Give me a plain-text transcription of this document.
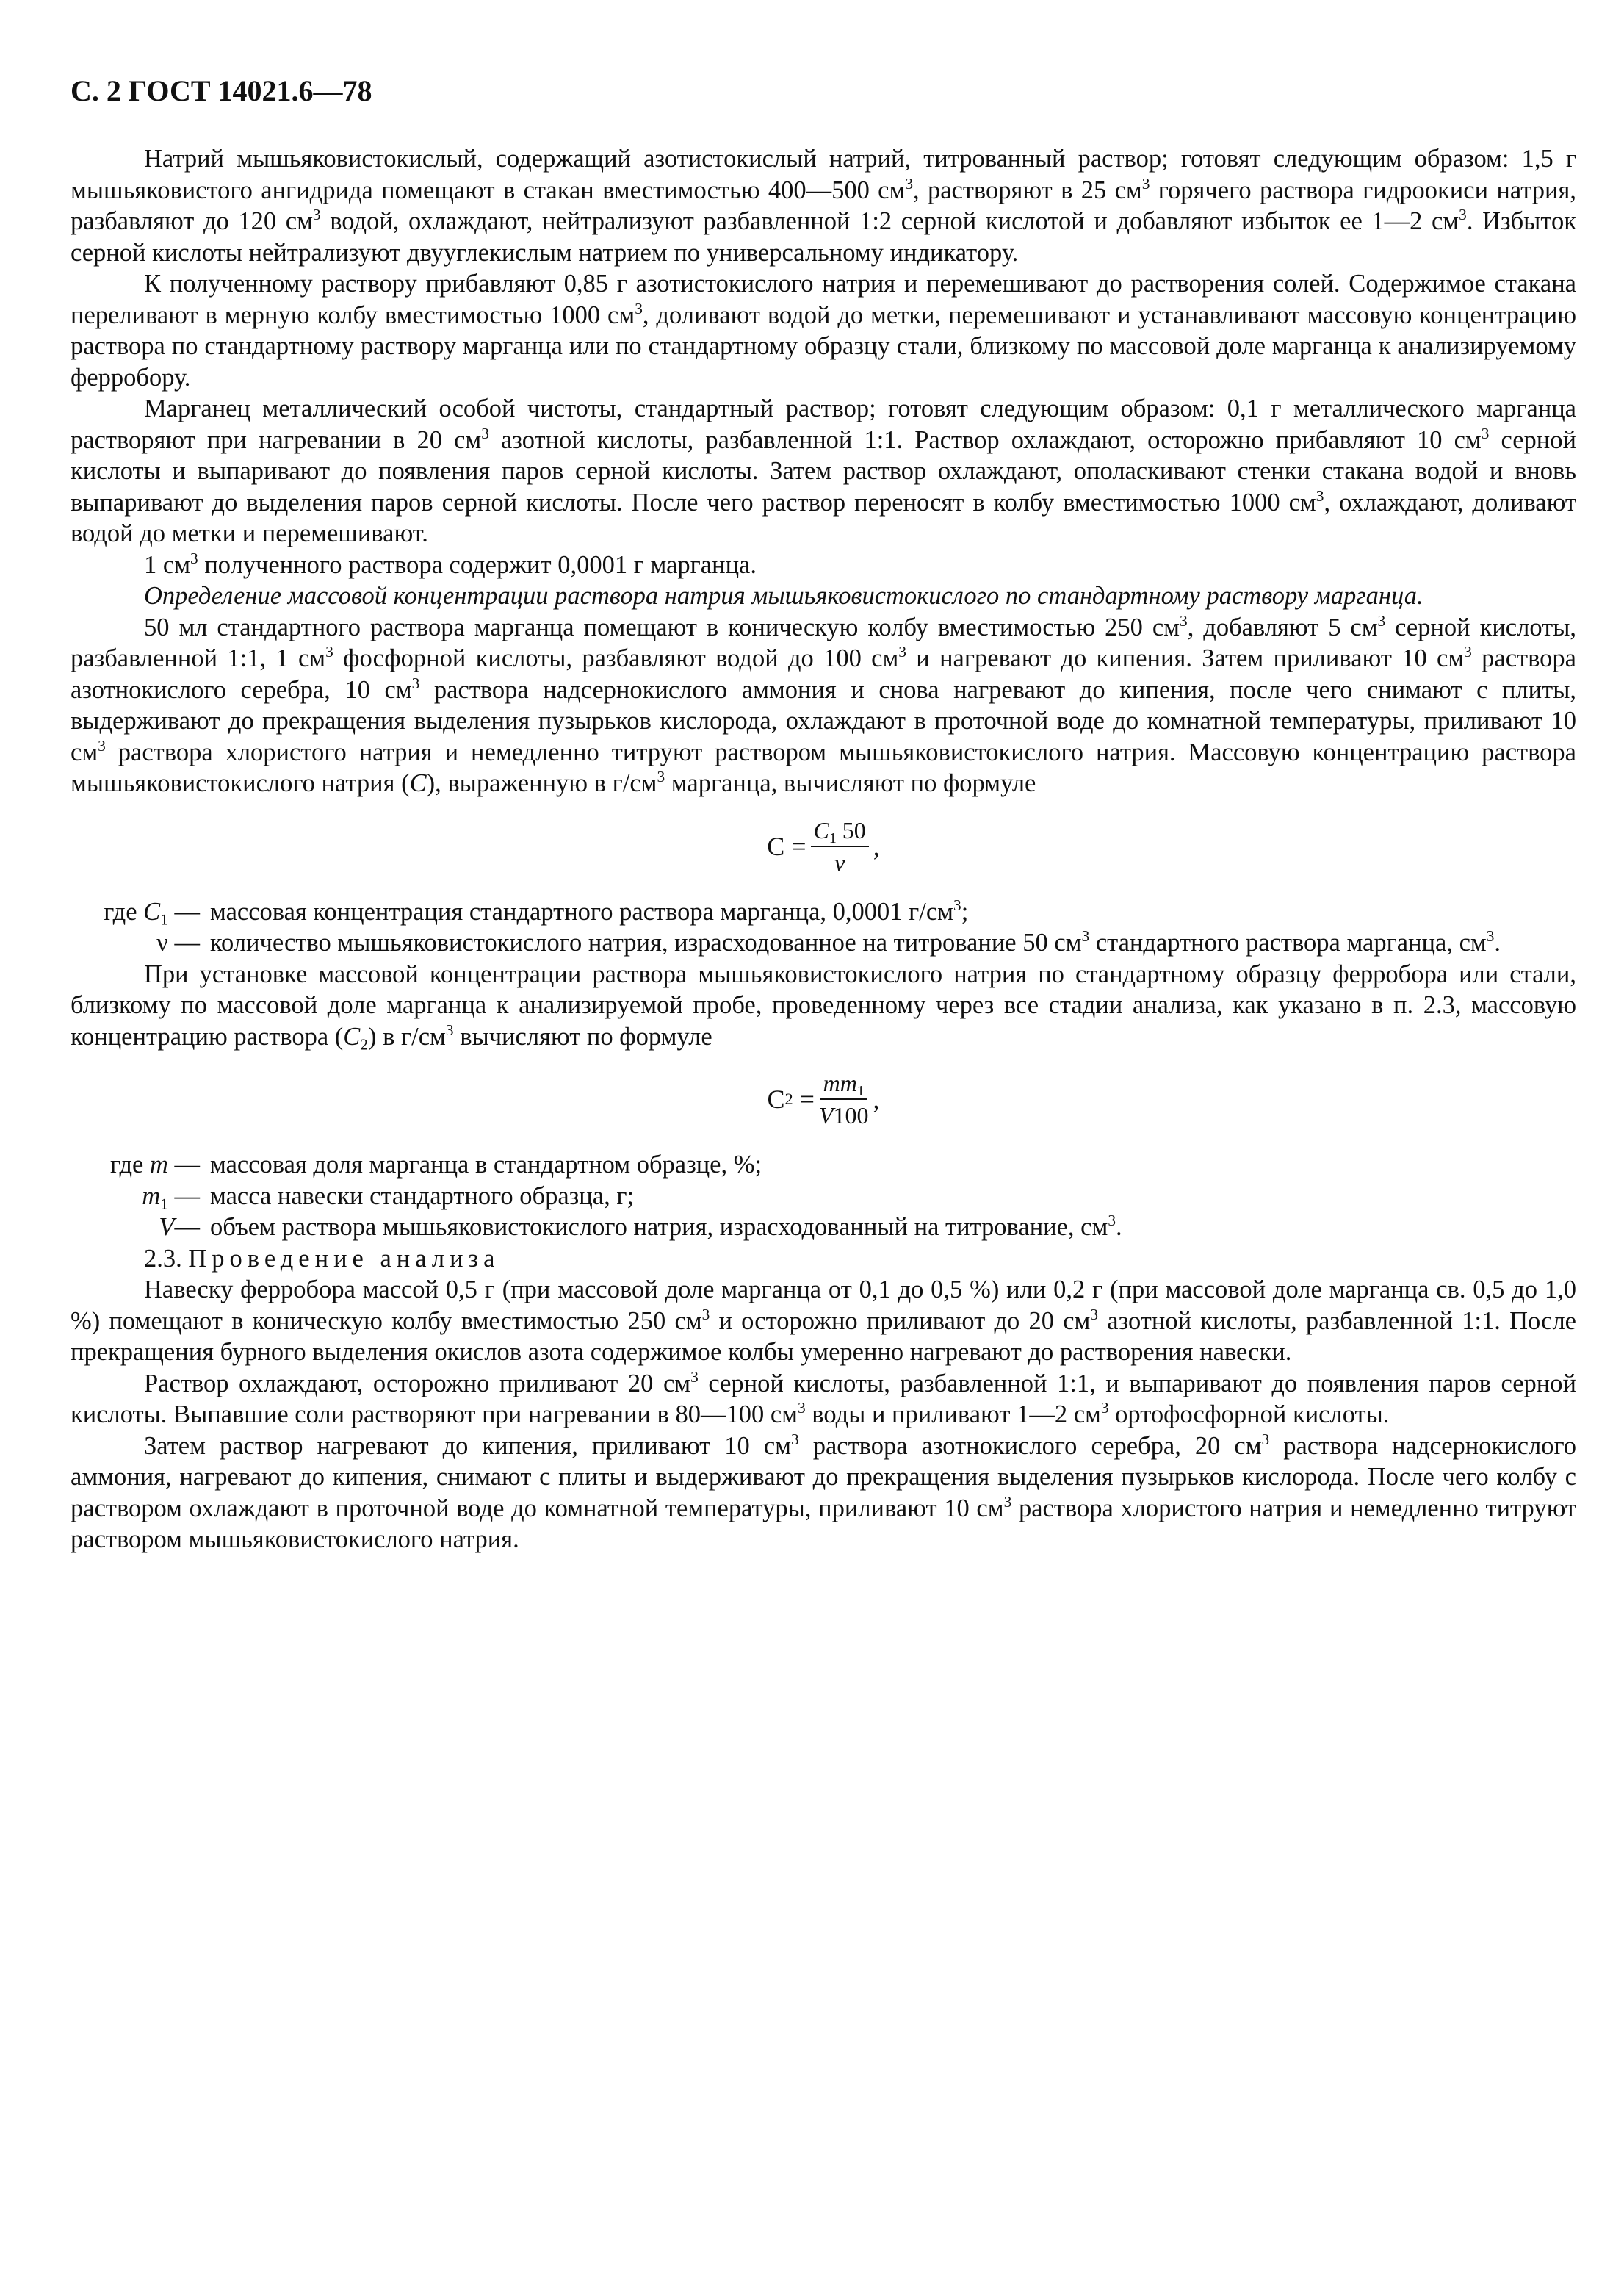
С. 2 ГОСТ 14021.6—78

Натрий мышьяковистокислый, содержащий азотистокислый натрий, титрованный раствор; готовят следующим образом: 1,5 г мышьяковистого ангидрида помещают в стакан вместимостью 400—500 $см^3$, растворяют в 25 $см^3$ горячего раствора гидроокиси натрия, разбавляют до 120 $см^3$ водой, охлаждают, нейтрализуют разбавленной 1:2 серной кислотой и добавляют избыток ее 1—2 $см^3$. Избыток серной кислоты нейтрализуют двууглекислым натрием по универсальному индикатору.

К полученному раствору прибавляют 0,85 г азотистокислого натрия и перемешивают до растворения солей. Содержимое стакана переливают в мерную колбу вместимостью 1000 $см^3$, доливают водой до метки, перемешивают и устанавливают массовую концентрацию раствора по стандартному раствору марганца или по стандартному образцу стали, близкому по массовой доле марганца к анализируемому ферробору.

Марганец металлический особой чистоты, стандартный раствор; готовят следующим образом: 0,1 г металлического марганца растворяют при нагревании в 20 $см^3$ азотной кислоты, разбавленной 1:1. Раствор охлаждают, осторожно прибавляют 10 $см^3$ серной кислоты и выпаривают до появления паров серной кислоты. Затем раствор охлаждают, ополаскивают стенки стакана водой и вновь выпаривают до выделения паров серной кислоты. После чего раствор переносят в колбу вместимостью 1000 $см^3$, охлаждают, доливают водой до метки и перемешивают.

1 $см^3$ полученного раствора содержит 0,0001 г марганца.

Определение массовой концентрации раствора натрия мышьяковистокислого по стандартному раствору марганца.

50 мл стандартного раствора марганца помещают в коническую колбу вместимостью 250 $см^3$, добавляют 5 $см^3$ серной кислоты, разбавленной 1:1, 1 $см^3$ фосфорной кислоты, разбавляют водой до 100 $см^3$ и нагревают до кипения. Затем приливают 10 $см^3$ раствора азотнокислого серебра, 10 $см^3$ раствора надсернокислого аммония и снова нагревают до кипения, после чего снимают с плиты, выдерживают до прекращения выделения пузырьков кислорода, охлаждают в проточной воде до комнатной температуры, приливают 10 $см^3$ раствора хлористого натрия и немедленно титруют раствором мышьяковистокислого натрия. Массовую концентрацию раствора мышьяковистокислого натрия (C), выраженную в $г/см^3$ марганца, вычисляют по формуле

$C = \frac{C_1 50}{\nu}$ ,
где $C_1$ — массовая концентрация стандартного раствора марганца, 0,0001 $г/см^3$;
ν — количество мышьяковистокислого натрия, израсходованное на титрование 50 $см^3$ стандартного раствора марганца, $см^3$.

При установке массовой концентрации раствора мышьяковистокислого натрия по стандартному образцу ферробора или стали, близкому по массовой доле марганца к анализируемой пробе, проведенному через все стадии анализа, как указано в п. 2.3, массовую концентрацию раствора $(C_2)$ в $г/см^3$ вычисляют по формуле

C 2
= $\frac{mm_1}{V100}$ ,
где m — массовая доля марганца в стандартном образце, %;
$m_1$ — масса навески стандартного образца, г;
V— объем раствора мышьяковистокислого натрия, израсходованный на титрование, $см^3$.

2.3. Проведение анализа

Навеску ферробора массой 0,5 г (при массовой доле марганца от 0,1 до 0,5 %) или 0,2 г (при массовой доле марганца св. 0,5 до 1,0 %) помещают в коническую колбу вместимостью 250 $см^3$ и осторожно приливают до 20 $см^3$ азотной кислоты, разбавленной 1:1. После прекращения бурного выделения окислов азота содержимое колбы умеренно нагревают до растворения навески.

Раствор охлаждают, осторожно приливают 20 $см^3$ серной кислоты, разбавленной 1:1, и выпаривают до появления паров серной кислоты. Выпавшие соли растворяют при нагревании в 80—100 $см^3$ воды и приливают 1—2 $см^3$ ортофосфорной кислоты.

Затем раствор нагревают до кипения, приливают 10 $см^3$ раствора азотнокислого серебра, 20 $см^3$ раствора надсернокислого аммония, нагревают до кипения, снимают с плиты и выдерживают до прекращения выделения пузырьков кислорода. После чего колбу с раствором охлаждают в проточной воде до комнатной температуры, приливают 10 $см^3$ раствора хлористого натрия и немедленно титруют раствором мышьяковистокислого натрия.
